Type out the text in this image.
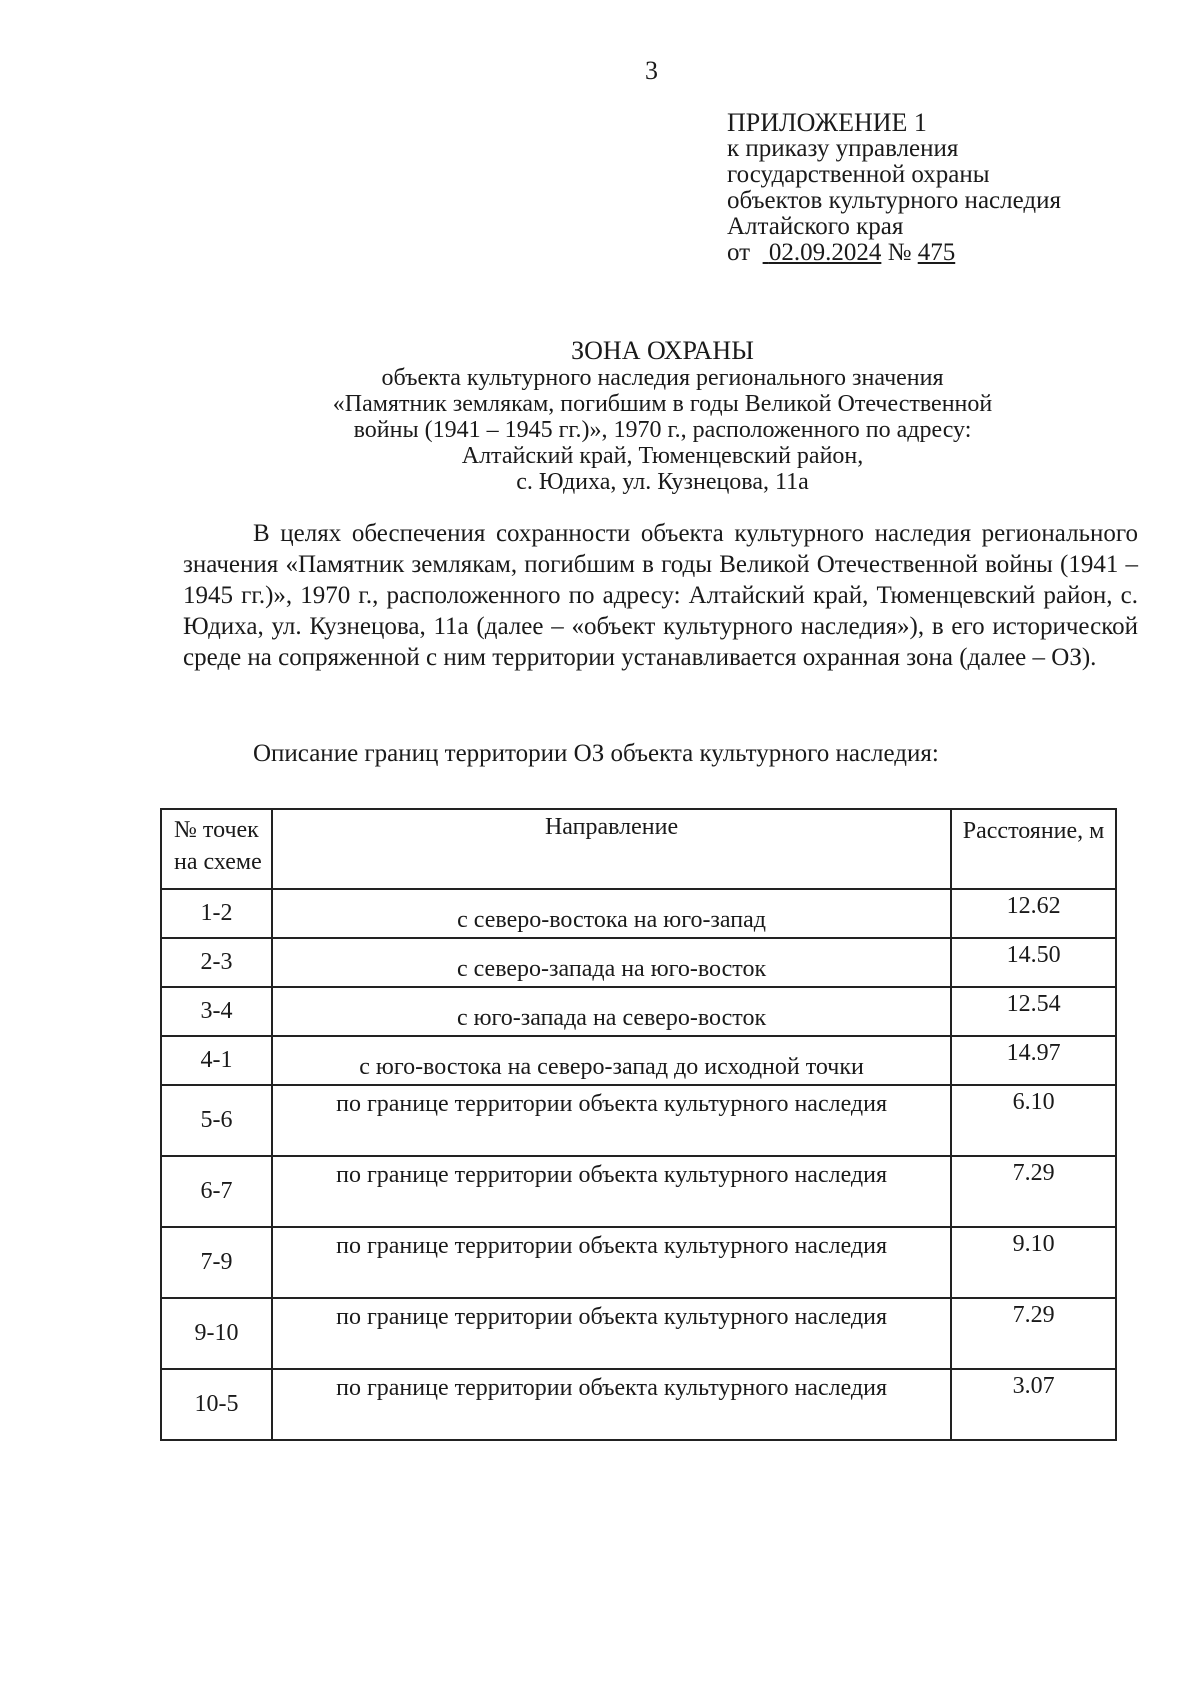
3
ПРИЛОЖЕНИЕ 1
к приказу управления
государственной охраны
объектов культурного наследия
Алтайского края
от 02.09.2024 № 475
ЗОНА ОХРАНЫ
объекта культурного наследия регионального значения
«Памятник землякам, погибшим в годы Великой Отечественной
войны (1941 – 1945 гг.)», 1970 г., расположенного по адресу:
Алтайский край, Тюменцевский район,
с. Юдиха, ул. Кузнецова, 11а
В целях обеспечения сохранности объекта культурного наследия регионального значения «Памятник землякам, погибшим в годы Великой Отечественной войны (1941 – 1945 гг.)», 1970 г., расположенного по адресу: Алтайский край, Тюменцевский район, с. Юдиха, ул. Кузнецова, 11а (далее – «объект культурного наследия»), в его исторической среде на сопряженной с ним территории устанавливается охранная зона (далее – ОЗ).
Описание границ территории ОЗ объекта культурного наследия:
№ точек
на схеме	Направление	Расстояние, м
1-2	с северо-востока на юго-запад	12.62
2-3	с северо-запада на юго-восток	14.50
3-4	с юго-запада на северо-восток	12.54
4-1	с юго-востока на северо-запад до исходной точки	14.97
5-6	по границе территории объекта культурного наследия	6.10
6-7	по границе территории объекта культурного наследия	7.29
7-9	по границе территории объекта культурного наследия	9.10
9-10	по границе территории объекта культурного наследия	7.29
10-5	по границе территории объекта культурного наследия	3.07
